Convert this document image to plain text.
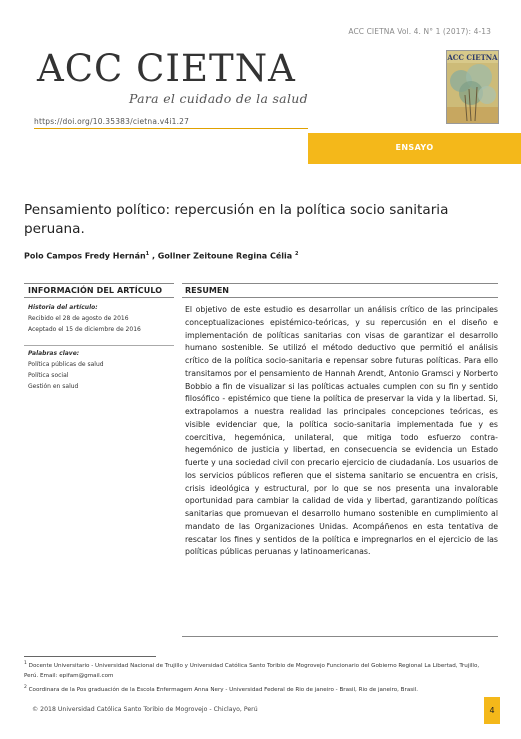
ACC CIETNA Vol. 4. N° 1 (2017): 4-13
ACC CIETNA
Para el cuidado de la salud
ACC CIETNA
https://doi.org/10.35383/cietna.v4i1.27
ENSAYO
Pensamiento político: repercusión en la política socio sanitaria peruana.
Polo Campos Fredy Hernán$^1$ , Gollner Zeitoune Regina Célia $^2$
INFORMACIÓN DEL ARTÍCULO	RESUMEN
Historia del artículo:
Recibido el 28 de agosto de 2016
Aceptado el 15 de diciembre de 2016
Palabras clave:
Política públicas de salud
Política social
Gestión en salud
El objetivo de este estudio es desarrollar un análisis crítico de las principales conceptualizaciones epistémico-teóricas, y su repercusión en el diseño e implementación de políticas sanitarias con visas de garantizar el desarrollo humano sostenible. Se utilizó el método deductivo que permitió el análisis crítico de la política socio-sanitaria e repensar sobre futuras políticas. Para ello transitamos por el pensamiento de Hannah Arendt, Antonio Gramsci y Norberto Bobbio a fin de visualizar si las políticas actuales cumplen con su fin y sentido filosófico - epistémico que tiene la política de preservar la vida y la libertad. Si, extrapolamos a nuestra realidad las principales concepciones teóricas, es visible evidenciar que, la política socio-sanitaria implementada fue y es coercitiva, hegemónica, unilateral, que mitiga todo esfuerzo contra-hegemónico de justicia y libertad, en consecuencia se evidencia un Estado fuerte y una sociedad civil con precario ejercicio de ciudadanía. Los usuarios de los servicios públicos refieren que el sistema sanitario se encuentra en crisis, crisis ideológica y estructural, por lo que se nos presenta una invalorable oportunidad para cambiar la calidad de vida y libertad, garantizando políticas sanitarias que promuevan el desarrollo humano sostenible en cumplimiento al mandato de las Organizaciones Unidas. Acompáñenos en esta tentativa de rescatar los fines y sentidos de la política e impregnarlos en el ejercicio de las políticas públicas peruanas y latinoamericanas.
$^1$ Docente Universitario - Universidad Nacional de Trujillo y Universidad Católica Santo Toribio de Mogrovejo Funcionario del Gobierno Regional La Libertad, Trujillo, Perú. Email: epifam@gmail.com
$^2$ Coordinara de la Pos graduación de la Escola Enfermagem Anna Nery - Universidad Federal de Rio de janeiro - Brasil, Rio de janeiro, Brasil.
© 2018 Universidad Católica Santo Toribio de Mogrovejo - Chiclayo, Perú	4
